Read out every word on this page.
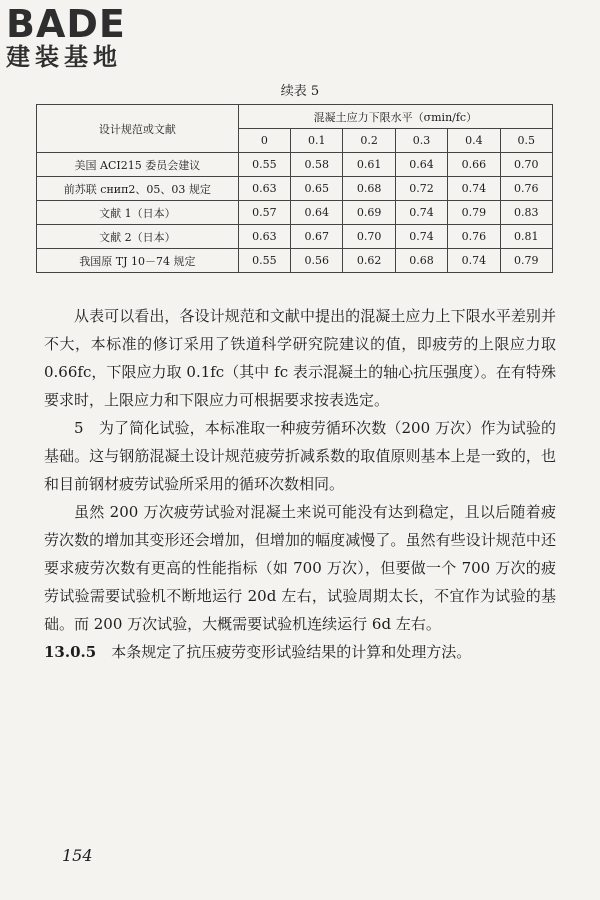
BADE
建装基地
续表 5
设计规范或文献	混凝土应力下限水平（σmin/fc）					
	0	0.1	0.2	0.3	0.4	0.5
美国 ACI215 委员会建议	0.55	0.58	0.61	0.64	0.66	0.70
前苏联 снип2、05、03 规定	0.63	0.65	0.68	0.72	0.74	0.76
文献 1（日本）	0.57	0.64	0.69	0.74	0.79	0.83
文献 2（日本）	0.63	0.67	0.70	0.74	0.76	0.81
我国原 TJ 10－74 规定	0.55	0.56	0.62	0.68	0.74	0.79

从表可以看出，各设计规范和文献中提出的混凝土应力上下限水平差别并不大，本标准的修订采用了铁道科学研究院建议的值，即疲劳的上限应力取 0.66fc，下限应力取 0.1fc（其中 fc 表示混凝土的轴心抗压强度）。在有特殊要求时，上限应力和下限应力可根据要求按表选定。

5　为了简化试验，本标准取一种疲劳循环次数（200 万次）作为试验的基础。这与钢筋混凝土设计规范疲劳折减系数的取值原则基本上是一致的，也和目前钢材疲劳试验所采用的循环次数相同。

虽然 200 万次疲劳试验对混凝土来说可能没有达到稳定，且以后随着疲劳次数的增加其变形还会增加，但增加的幅度减慢了。虽然有些设计规范中还要求疲劳次数有更高的性能指标（如 700 万次），但要做一个 700 万次的疲劳试验需要试验机不断地运行 20d 左右，试验周期太长，不宜作为试验的基础。而 200 万次试验，大概需要试验机连续运行 6d 左右。

13.0.5　 本条规定了抗压疲劳变形试验结果的计算和处理方法。

154
